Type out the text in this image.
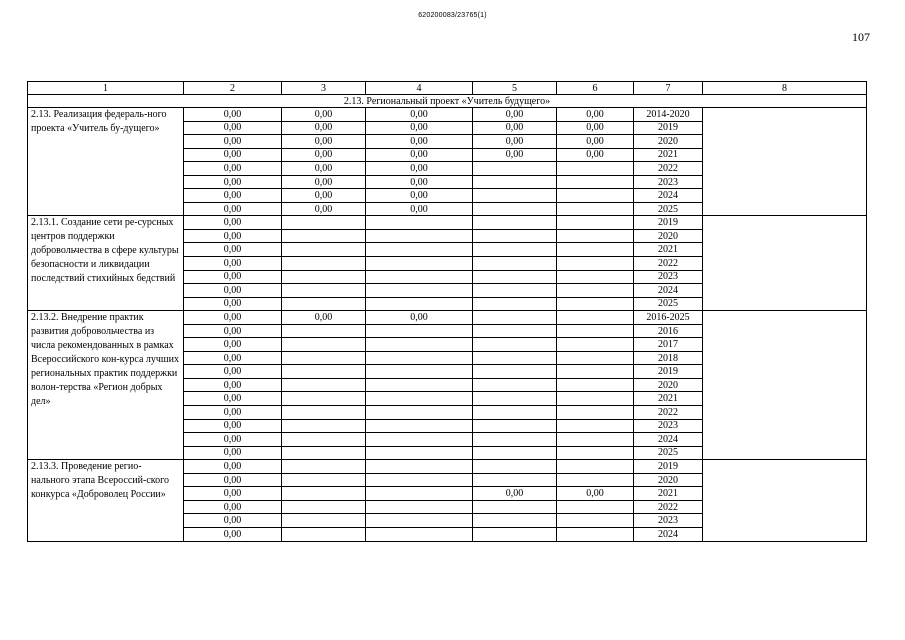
620200083/23765(1)
107
1	2	3	4	5	6	7	8
2.13. Региональный проект «Учитель будущего»							
2.13. Реализация федераль-ного проекта «Учитель бу-дущего»	0,00	0,00	0,00	0,00	0,00	2014-2020	
	0,00	0,00	0,00	0,00	0,00	2019	
	0,00	0,00	0,00	0,00	0,00	2020	
	0,00	0,00	0,00	0,00	0,00	2021	
	0,00	0,00	0,00			2022	
	0,00	0,00	0,00			2023	
	0,00	0,00	0,00			2024	
	0,00	0,00	0,00			2025	
2.13.1. Создание сети ре-сурсных центров поддержки добровольчества в сфере культуры безопасности и ликвидации последствий стихийных бедствий	0,00					2019	
	0,00					2020	
	0,00					2021	
	0,00					2022	
	0,00					2023	
	0,00					2024	
	0,00					2025	
2.13.2. Внедрение практик развития добровольчества из числа рекомендованных в рамках Всероссийского кон-курса лучших региональных практик поддержки волон-терства «Регион добрых дел»	0,00	0,00	0,00			2016-2025	
	0,00					2016	
	0,00					2017	
	0,00					2018	
	0,00					2019	
	0,00					2020	
	0,00					2021	
	0,00					2022	
	0,00					2023	
	0,00					2024	
	0,00					2025	
2.13.3. Проведение регио-нального этапа Всероссий-ского конкурса «Доброволец России»	0,00					2019	
	0,00					2020	
	0,00			0,00	0,00	2021	
	0,00					2022	
	0,00					2023	
	0,00					2024	
